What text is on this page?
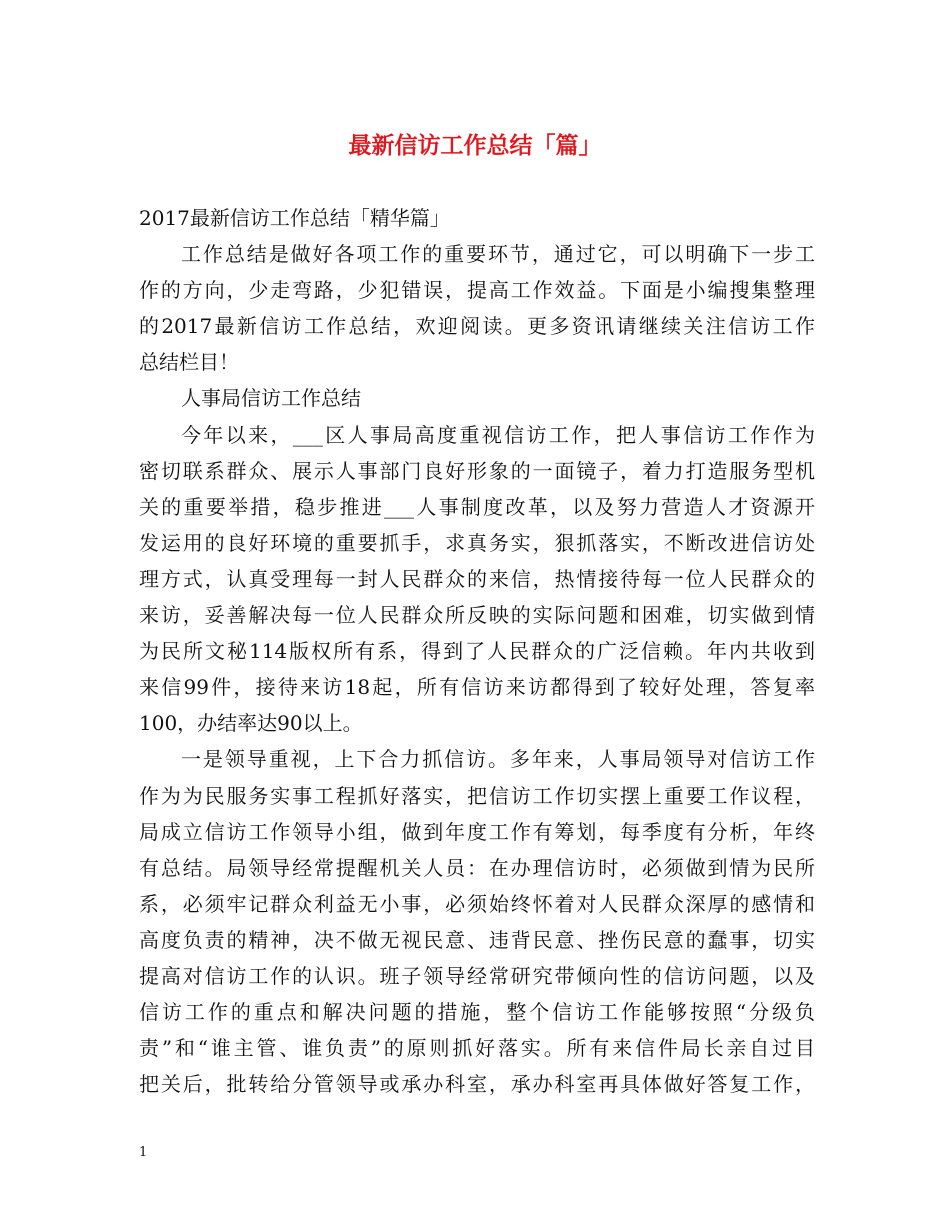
最新信访工作总结「篇」

2017最新信访工作总结「精华篇」

工作总结是做好各项工作的重要环节，通过它，可以明确下一步工

作的方向，少走弯路，少犯错误，提高工作效益。下面是小编搜集整理

的2017最新信访工作总结，欢迎阅读。更多资讯请继续关注信访工作

总结栏目！

人事局信访工作总结

今年以来，___区人事局高度重视信访工作，把人事信访工作作为

密切联系群众、展示人事部门良好形象的一面镜子，着力打造服务型机

关的重要举措，稳步推进___人事制度改革，以及努力营造人才资源开

发运用的良好环境的重要抓手，求真务实，狠抓落实，不断改进信访处

理方式，认真受理每一封人民群众的来信，热情接待每一位人民群众的

来访，妥善解决每一位人民群众所反映的实际问题和困难，切实做到情

为民所文秘114版权所有系，得到了人民群众的广泛信赖。年内共收到

来信99件，接待来访18起，所有信访来访都得到了较好处理，答复率

100，办结率达90以上。

一是领导重视，上下合力抓信访。多年来，人事局领导对信访工作

作为为民服务实事工程抓好落实，把信访工作切实摆上重要工作议程，

局成立信访工作领导小组，做到年度工作有筹划，每季度有分析，年终

有总结。局领导经常提醒机关人员：在办理信访时，必须做到情为民所

系，必须牢记群众利益无小事，必须始终怀着对人民群众深厚的感情和

高度负责的精神，决不做无视民意、违背民意、挫伤民意的蠢事，切实

提高对信访工作的认识。班子领导经常研究带倾向性的信访问题，以及

信访工作的重点和解决问题的措施，整个信访工作能够按照“分级负

责”和“谁主管、谁负责”的原则抓好落实。所有来信件局长亲自过目

把关后，批转给分管领导或承办科室，承办科室再具体做好答复工作，

1
